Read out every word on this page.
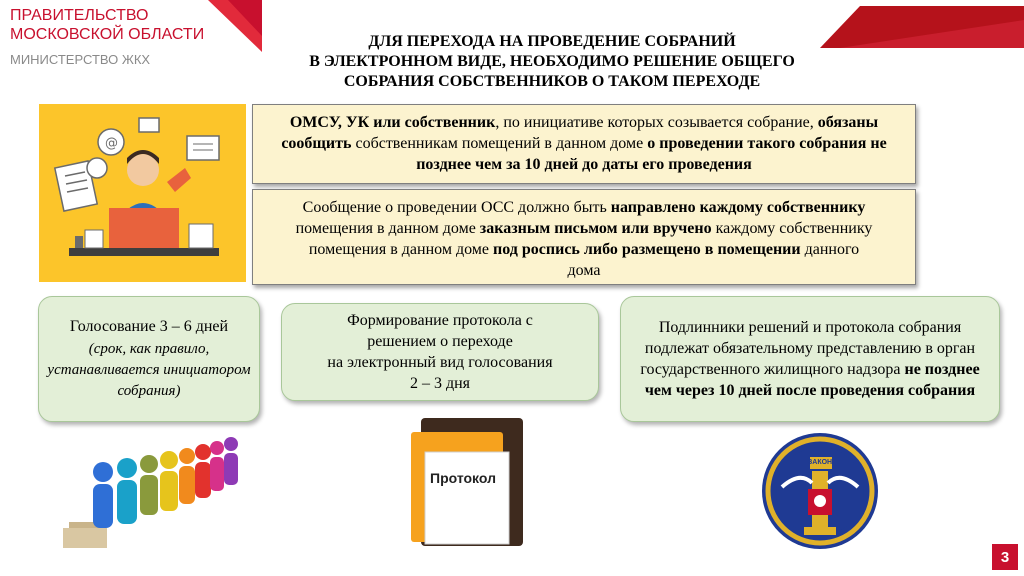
ПРАВИТЕЛЬСТВО
МОСКОВСКОЙ ОБЛАСТИ
МИНИСТЕРСТВО ЖКХ
ДЛЯ ПЕРЕХОДА НА ПРОВЕДЕНИЕ СОБРАНИЙ
В ЭЛЕКТРОННОМ ВИДЕ, НЕОБХОДИМО РЕШЕНИЕ ОБЩЕГО
СОБРАНИЯ СОБСТВЕННИКОВ О ТАКОМ ПЕРЕХОДЕ
@
ОМСУ, УК или собственник, по инициативе которых созывается собрание, обязаны сообщить собственникам помещений в данном доме о проведении такого собрания не позднее чем за 10 дней до даты его проведения
Сообщение о проведении ОСС должно быть направлено каждому собственнику помещения в данном доме заказным письмом или вручено каждому собственнику помещения в данном доме под роспись либо размещено в помещении данного дома
Голосование 3 – 6 дней
(срок, как правило, устанавливается инициатором собрания)
Формирование протокола с
решением о переходе
на электронный вид голосования
2 – 3 дня
Подлинники решений и протокола собрания подлежат обязательному представлению в орган государственного жилищного надзора не позднее чем через 10 дней после проведения собрания
Протокол
ЗАКОН
3
